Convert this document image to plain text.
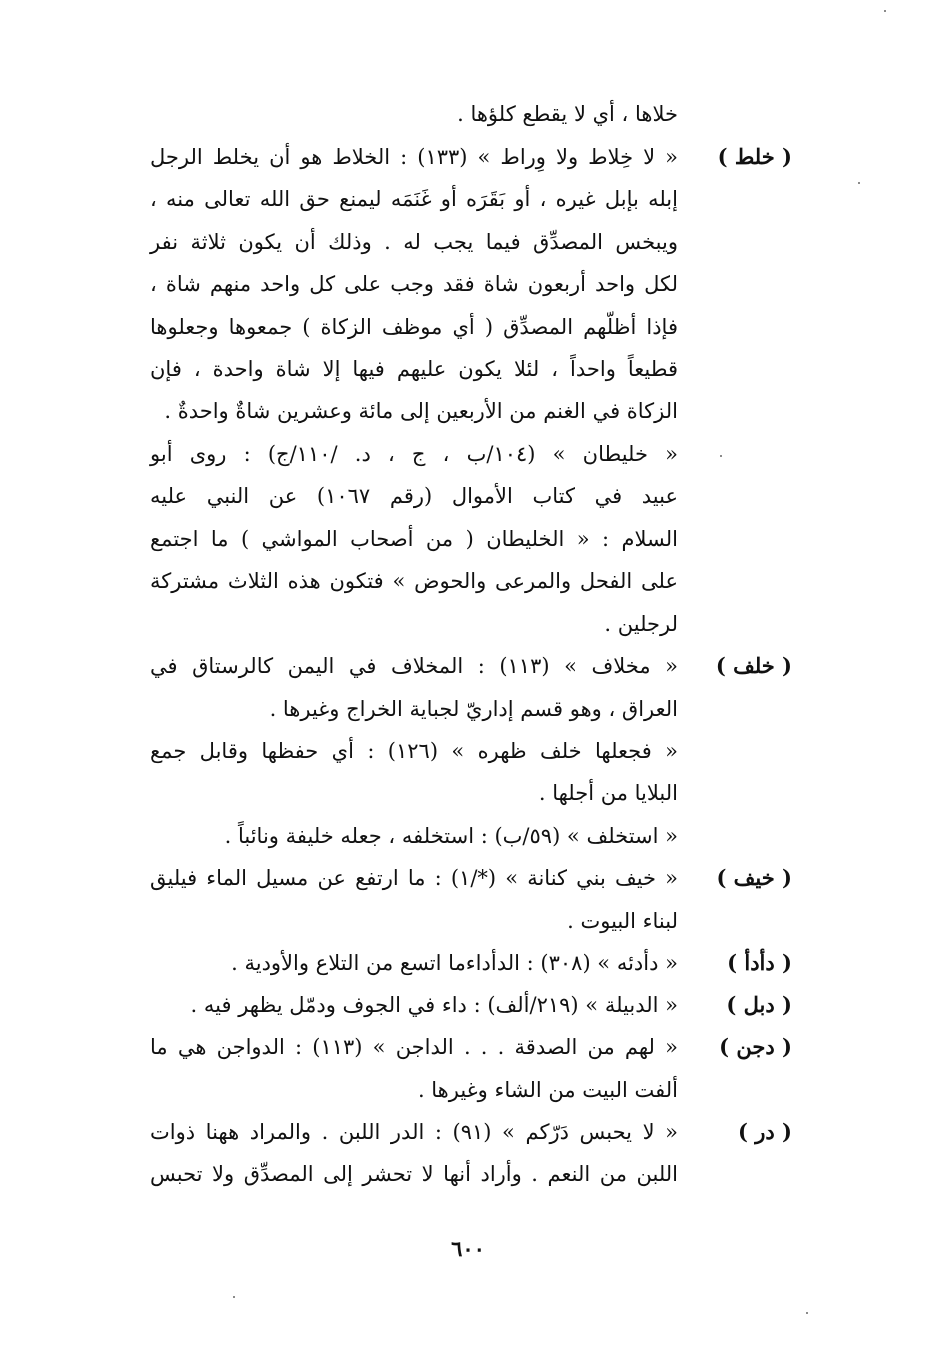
( خلط )
( خلف )
( خيف )
( دأدأ )
( دبل )
( دجن )
( در )
خلاها ، أي لا يقطع كلؤها .
« لا خِلاط ولا وِراط » (١٣٣) : الخلاط هو أن يخلط الرجل
إبله بإبل غيره ، أو بَقَرَه أو غَنَمَه ليمنع حق الله تعالى منه ،
ويبخس المصدِّق فيما يجب له . وذلك أن يكون ثلاثة نفر
لكل واحد أربعون شاة فقد وجب على كل واحد منهم شاة ،
فإذا أظلّهم المصدِّق ( أي موظف الزكاة ) جمعوها وجعلوها
قطيعاً واحداً ، لئلا يكون عليهم فيها إلا شاة واحدة ، فإن
الزكاة في الغنم من الأربعين إلى مائة وعشرين شاةٌ واحدةٌ .
« خليطان » (١٠٤/ب ، ج ، د. /١١٠/ج) : روى أبو
عبيد في كتاب الأموال (رقم ١٠٦٧) عن النبي عليه
السلام : « الخليطان ( من أصحاب المواشي ) ما اجتمع
على الفحل والمرعى والحوض » فتكون هذه الثلاث مشتركة
لرجلين .
« مخلاف » (١١٣) : المخلاف في اليمن كالرستاق في
العراق ، وهو قسم إداريّ لجباية الخراج وغيرها .
« فجعلها خلف ظهره » (١٢٦) : أي حفظها وقابل جمع
البلايا من أجلها .
« استخلف » (٥٩/ب) : استخلفه ، جعله خليفة ونائباً .
« خيف بني كنانة » (*/١) : ما ارتفع عن مسيل الماء فيليق
لبناء البيوت .
« دأدئه » (٣٠٨) : الدأداءما اتسع من التلاع والأودية .
« الدبيلة » (٢١٩/ألف) : داء في الجوف ودمّل يظهر فيه .
« لهم من الصدقة . . . الداجن » (١١٣) : الدواجن هي ما
ألفت البيت من الشاء وغيرها .
« لا يحبس دَرّكم » (٩١) : الدر اللبن . والمراد ههنا ذوات
اللبن من النعم . وأراد أنها لا تحشر إلى المصدِّق ولا تحبس
٦٠٠
